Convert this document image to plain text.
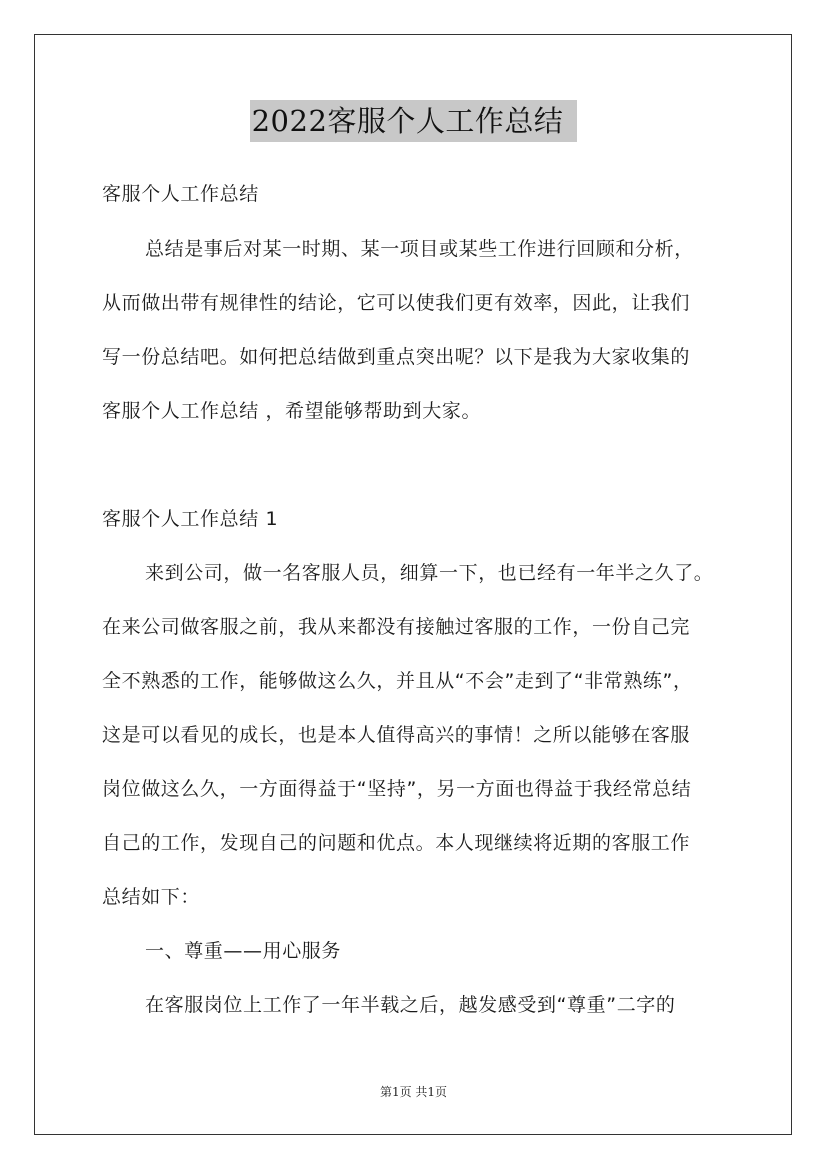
2022客服个人工作总结
客服个人工作总结
总结是事后对某一时期、某一项目或某些工作进行回顾和分析，
从而做出带有规律性的结论，它可以使我们更有效率，因此，让我们
写一份总结吧。如何把总结做到重点突出呢？以下是我为大家收集的
客服个人工作总结 ，希望能够帮助到大家。
客服个人工作总结 1
来到公司，做一名客服人员，细算一下，也已经有一年半之久了。
在来公司做客服之前，我从来都没有接触过客服的工作，一份自己完
全不熟悉的工作，能够做这么久，并且从“不会”走到了“非常熟练”，
这是可以看见的成长，也是本人值得高兴的事情！之所以能够在客服
岗位做这么久，一方面得益于“坚持”，另一方面也得益于我经常总结
自己的工作，发现自己的问题和优点。本人现继续将近期的客服工作
总结如下：
一、尊重——用心服务
在客服岗位上工作了一年半载之后，越发感受到“尊重”二字的
第1页 共1页
